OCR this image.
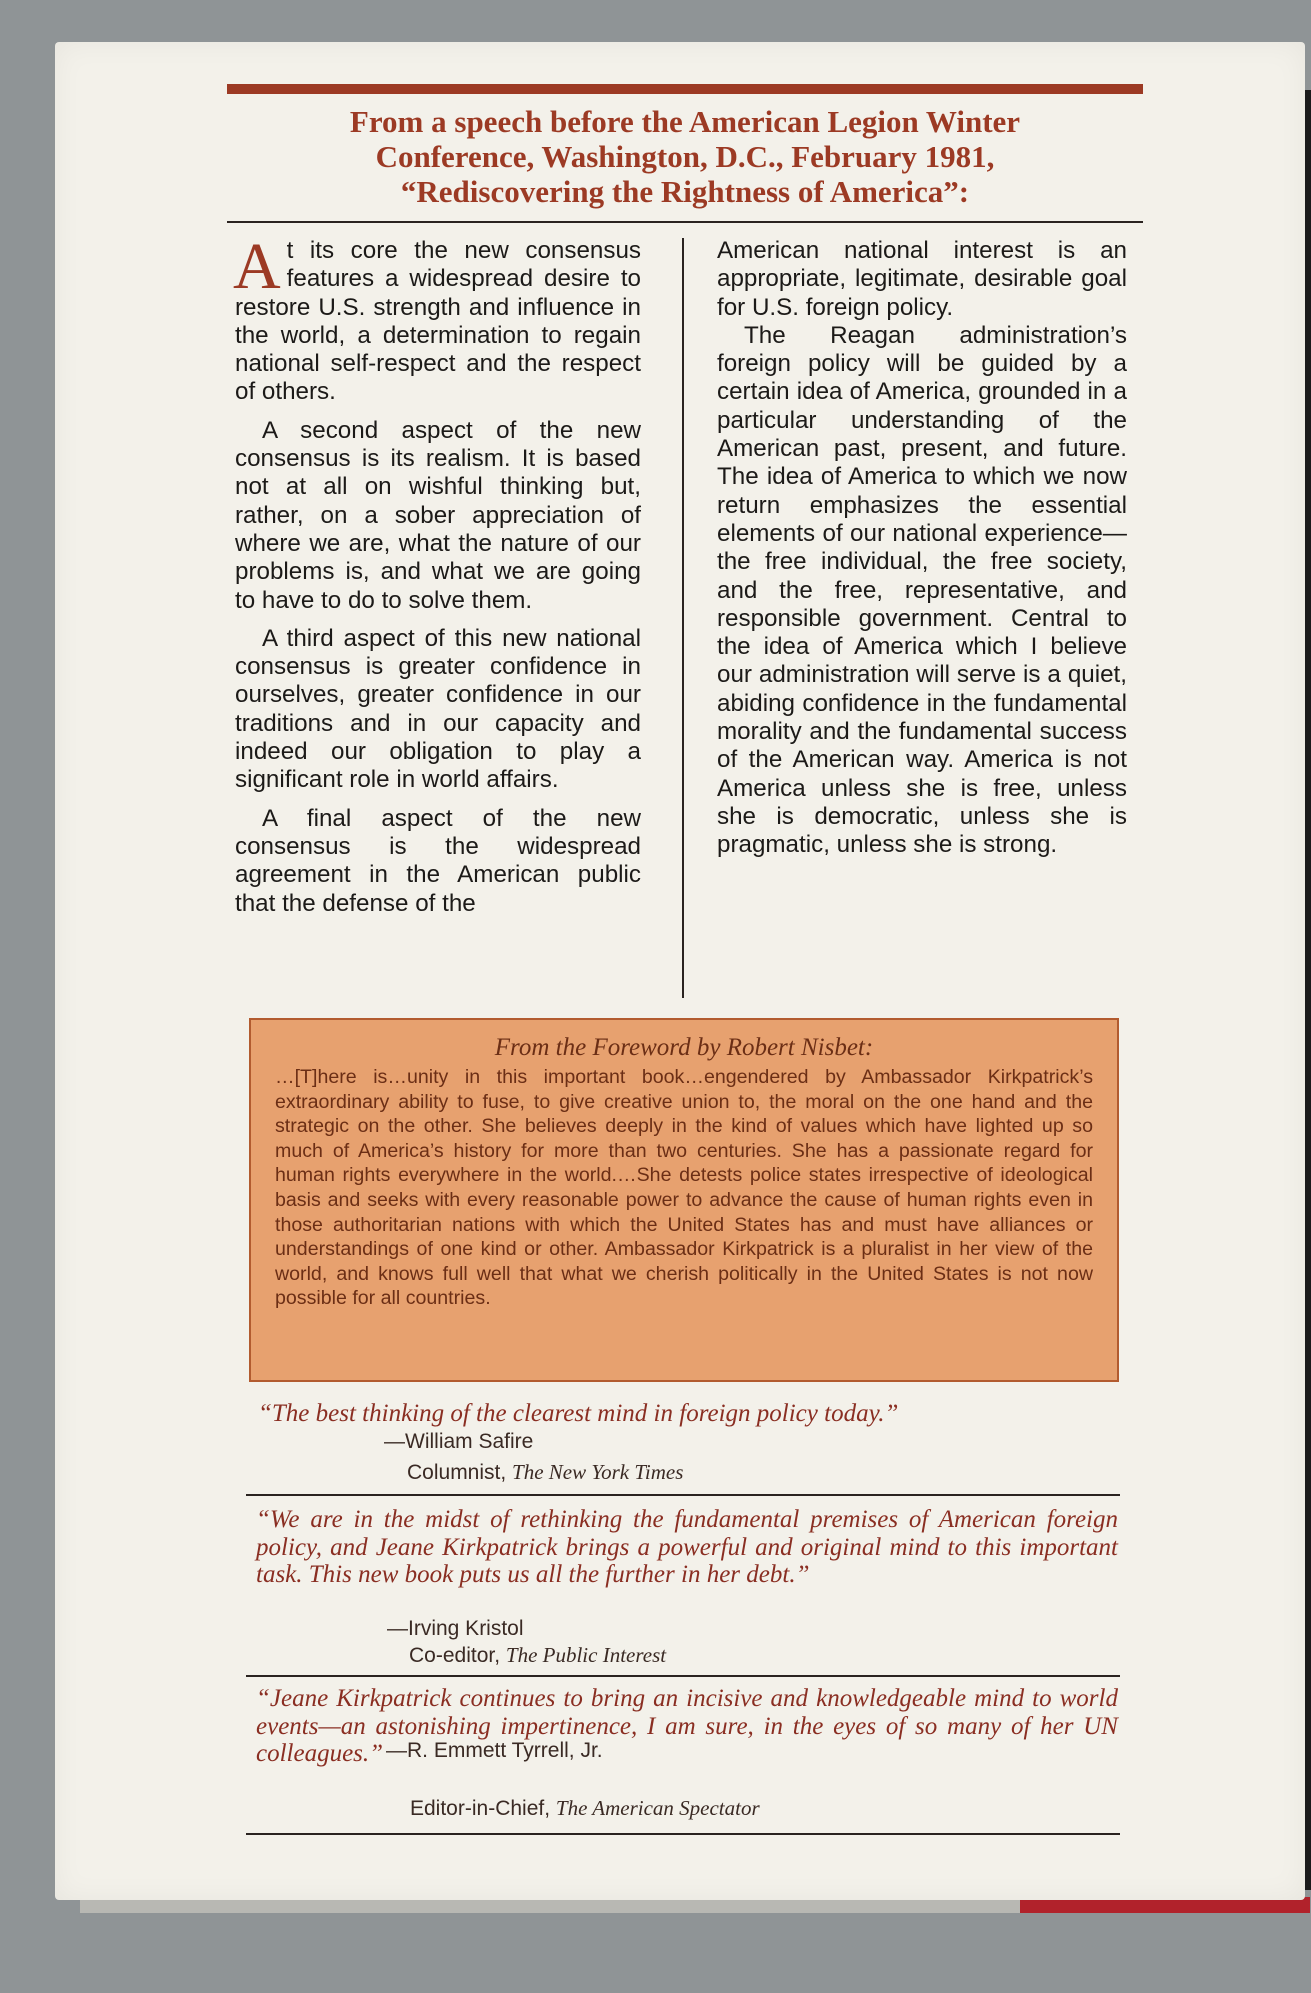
From a speech before the American Legion Winter
Conference, Washington, D.C., February 1981,
“Rediscovering the Rightness of America”:

At its core the new consensus features a widespread desire to restore U.S. strength and influence in the world, a determination to regain national self-respect and the respect of others.

A second aspect of the new consensus is its realism. It is based not at all on wishful thinking but, rather, on a sober appreciation of where we are, what the nature of our problems is, and what we are going to have to do to solve them.

A third aspect of this new national consensus is greater confidence in ourselves, greater confidence in our traditions and in our capacity and indeed our obligation to play a significant role in world affairs.

A final aspect of the new consensus is the widespread agreement in the American public that the defense of the

American national interest is an appropriate, legitimate, desirable goal for U.S. foreign policy.

The Reagan administration’s foreign policy will be guided by a certain idea of America, grounded in a particular understanding of the American past, present, and future. The idea of America to which we now return emphasizes the essential elements of our national experience—the free individual, the free society, and the free, representative, and responsible government. Central to the idea of America which I believe our administration will serve is a quiet, abiding confidence in the fundamental morality and the fundamental success of the American way. America is not America unless she is free, unless she is democratic, unless she is pragmatic, unless she is strong.

From the Foreword by Robert Nisbet:
…[T]here is…unity in this important book…engendered by Ambassador Kirkpatrick’s extraordinary ability to fuse, to give creative union to, the moral on the one hand and the strategic on the other. She believes deeply in the kind of values which have lighted up so much of America’s history for more than two centuries. She has a passionate regard for human rights everywhere in the world.…She detests police states irrespective of ideological basis and seeks with every reasonable power to advance the cause of human rights even in those authoritarian nations with which the United States has and must have alliances or understandings of one kind or other. Ambassador Kirkpatrick is a pluralist in her view of the world, and knows full well that what we cherish politically in the United States is not now possible for all countries.
“The best thinking of the clearest mind in foreign policy today.”
—William Safire
Columnist, The New York Times
“We are in the midst of rethinking the fundamental premises of American foreign policy, and Jeane Kirkpatrick brings a powerful and original mind to this important task. This new book puts us all the further in her debt.”
—Irving Kristol
Co-editor, The Public Interest
“Jeane Kirkpatrick continues to bring an incisive and knowledgeable mind to world events—an astonishing impertinence, I am sure, in the eyes of so many of her UN colleagues.” —R. Emmett Tyrrell, Jr.
Editor-in-Chief, The American Spectator
